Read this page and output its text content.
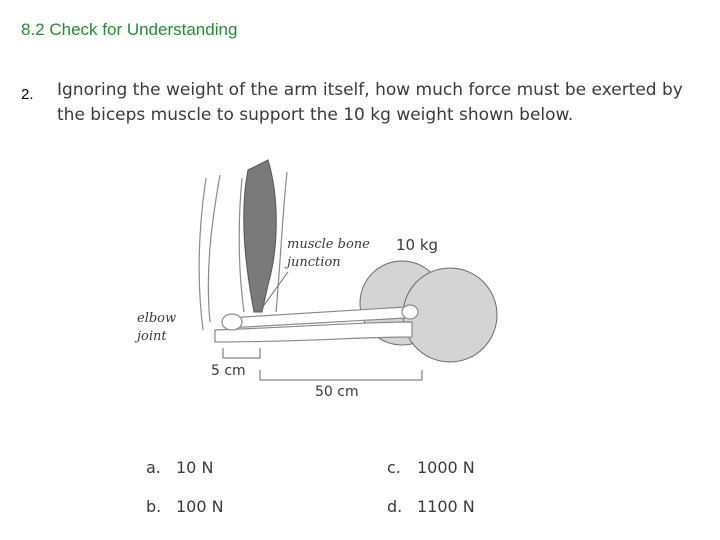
8.2 Check for Understanding
2. Ignoring the weight of the arm itself, how much force must be exerted by the biceps muscle to support the 10 kg weight shown below.
muscle bone
junction
10 kg
elbow
joint
5 cm
50 cm
a. 10 N
b. 100 N
c. 1000 N
d. 1100 N
